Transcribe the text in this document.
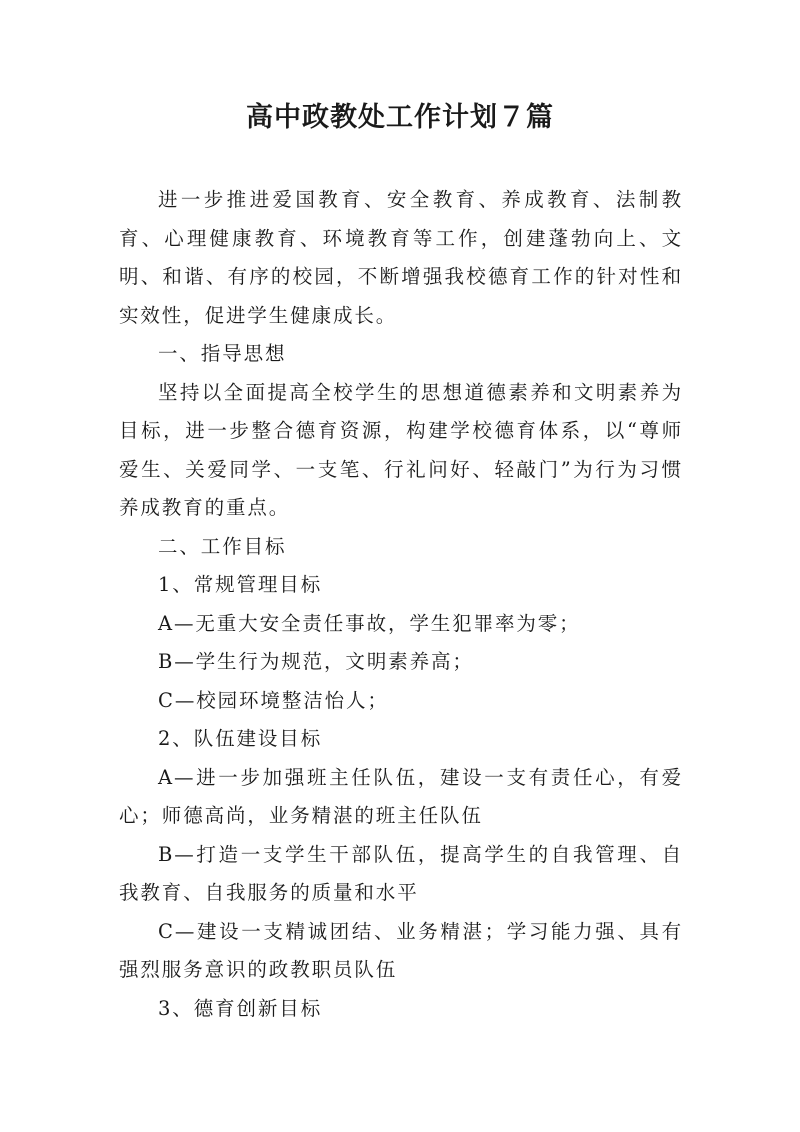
高中政教处工作计划７篇

进一步推进爱国教育、安全教育、养成教育、法制教育、心理健康教育、环境教育等工作，创建蓬勃向上、文明、和谐、有序的校园，不断增强我校德育工作的针对性和实效性，促进学生健康成长。

一、指导思想

坚持以全面提高全校学生的思想道德素养和文明素养为目标，进一步整合德育资源，构建学校德育体系，以“尊师爱生、关爱同学、一支笔、行礼问好、轻敲门”为行为习惯养成教育的重点。

二、工作目标

1、常规管理目标

A—无重大安全责任事故，学生犯罪率为零；

B—学生行为规范，文明素养高；

C—校园环境整洁怡人；

2、队伍建设目标

A—进一步加强班主任队伍，建设一支有责任心，有爱心；师德高尚，业务精湛的班主任队伍

B—打造一支学生干部队伍，提高学生的自我管理、自我教育、自我服务的质量和水平

C—建设一支精诚团结、业务精湛；学习能力强、具有强烈服务意识的政教职员队伍

3、德育创新目标
